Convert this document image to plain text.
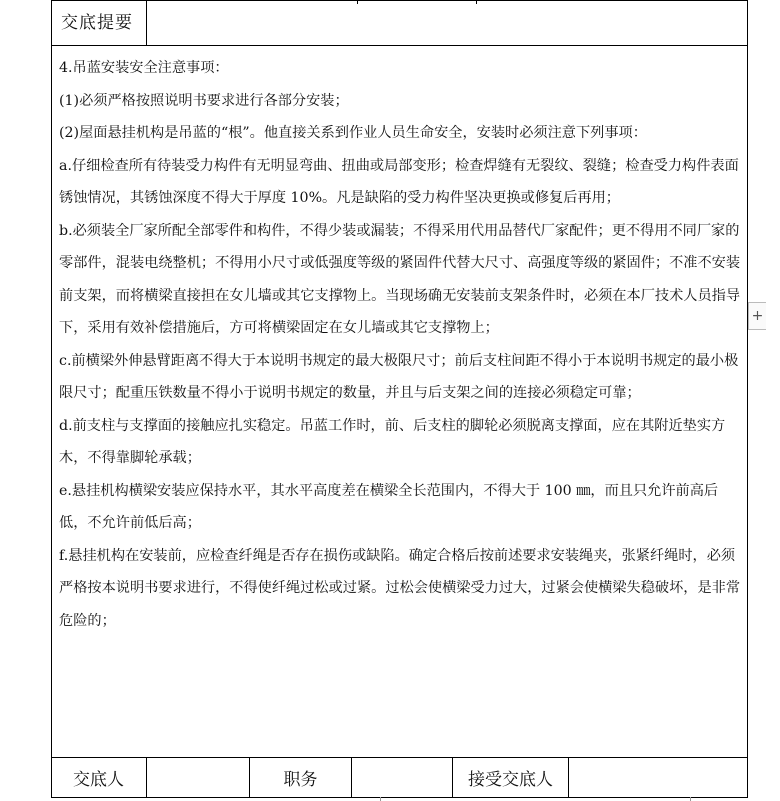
交底提要

4.吊蓝安装安全注意事项：

(1)必须严格按照说明书要求进行各部分安装；

(2)屋面悬挂机构是吊蓝的“根”。他直接关系到作业人员生命安全，安装时必须注意下列事项：

a.仔细检查所有待装受力构件有无明显弯曲、扭曲或局部变形；检查焊缝有无裂纹、裂缝；检查受力构件表面锈蚀情况，其锈蚀深度不得大于厚度 10%。凡是缺陷的受力构件坚决更换或修复后再用；

b.必须装全厂家所配全部零件和构件，不得少装或漏装；不得采用代用品替代厂家配件；更不得用不同厂家的零部件，混装电绕整机；不得用小尺寸或低强度等级的紧固件代替大尺寸、高强度等级的紧固件；不准不安装前支架，而将横梁直接担在女儿墙或其它支撑物上。当现场确无安装前支架条件时，必须在本厂技术人员指导下，采用有效补偿措施后，方可将横梁固定在女儿墙或其它支撑物上；

c.前横梁外伸悬臂距离不得大于本说明书规定的最大极限尺寸；前后支柱间距不得小于本说明书规定的最小极限尺寸；配重压铁数量不得小于说明书规定的数量，并且与后支架之间的连接必须稳定可靠；

d.前支柱与支撑面的接触应扎实稳定。吊蓝工作时，前、后支柱的脚轮必须脱离支撑面，应在其附近垫实方木，不得靠脚轮承载；

e.悬挂机构横梁安装应保持水平，其水平高度差在横梁全长范围内，不得大于 100 ㎜，而且只允许前高后低，不允许前低后高；

f.悬挂机构在安装前，应检查纤绳是否存在损伤或缺陷。确定合格后按前述要求安装绳夹，张紧纤绳时，必须严格按本说明书要求进行，不得使纤绳过松或过紧。过松会使横梁受力过大，过紧会使横梁失稳破坏，是非常危险的；

交底人	职务	接受交底人
+
